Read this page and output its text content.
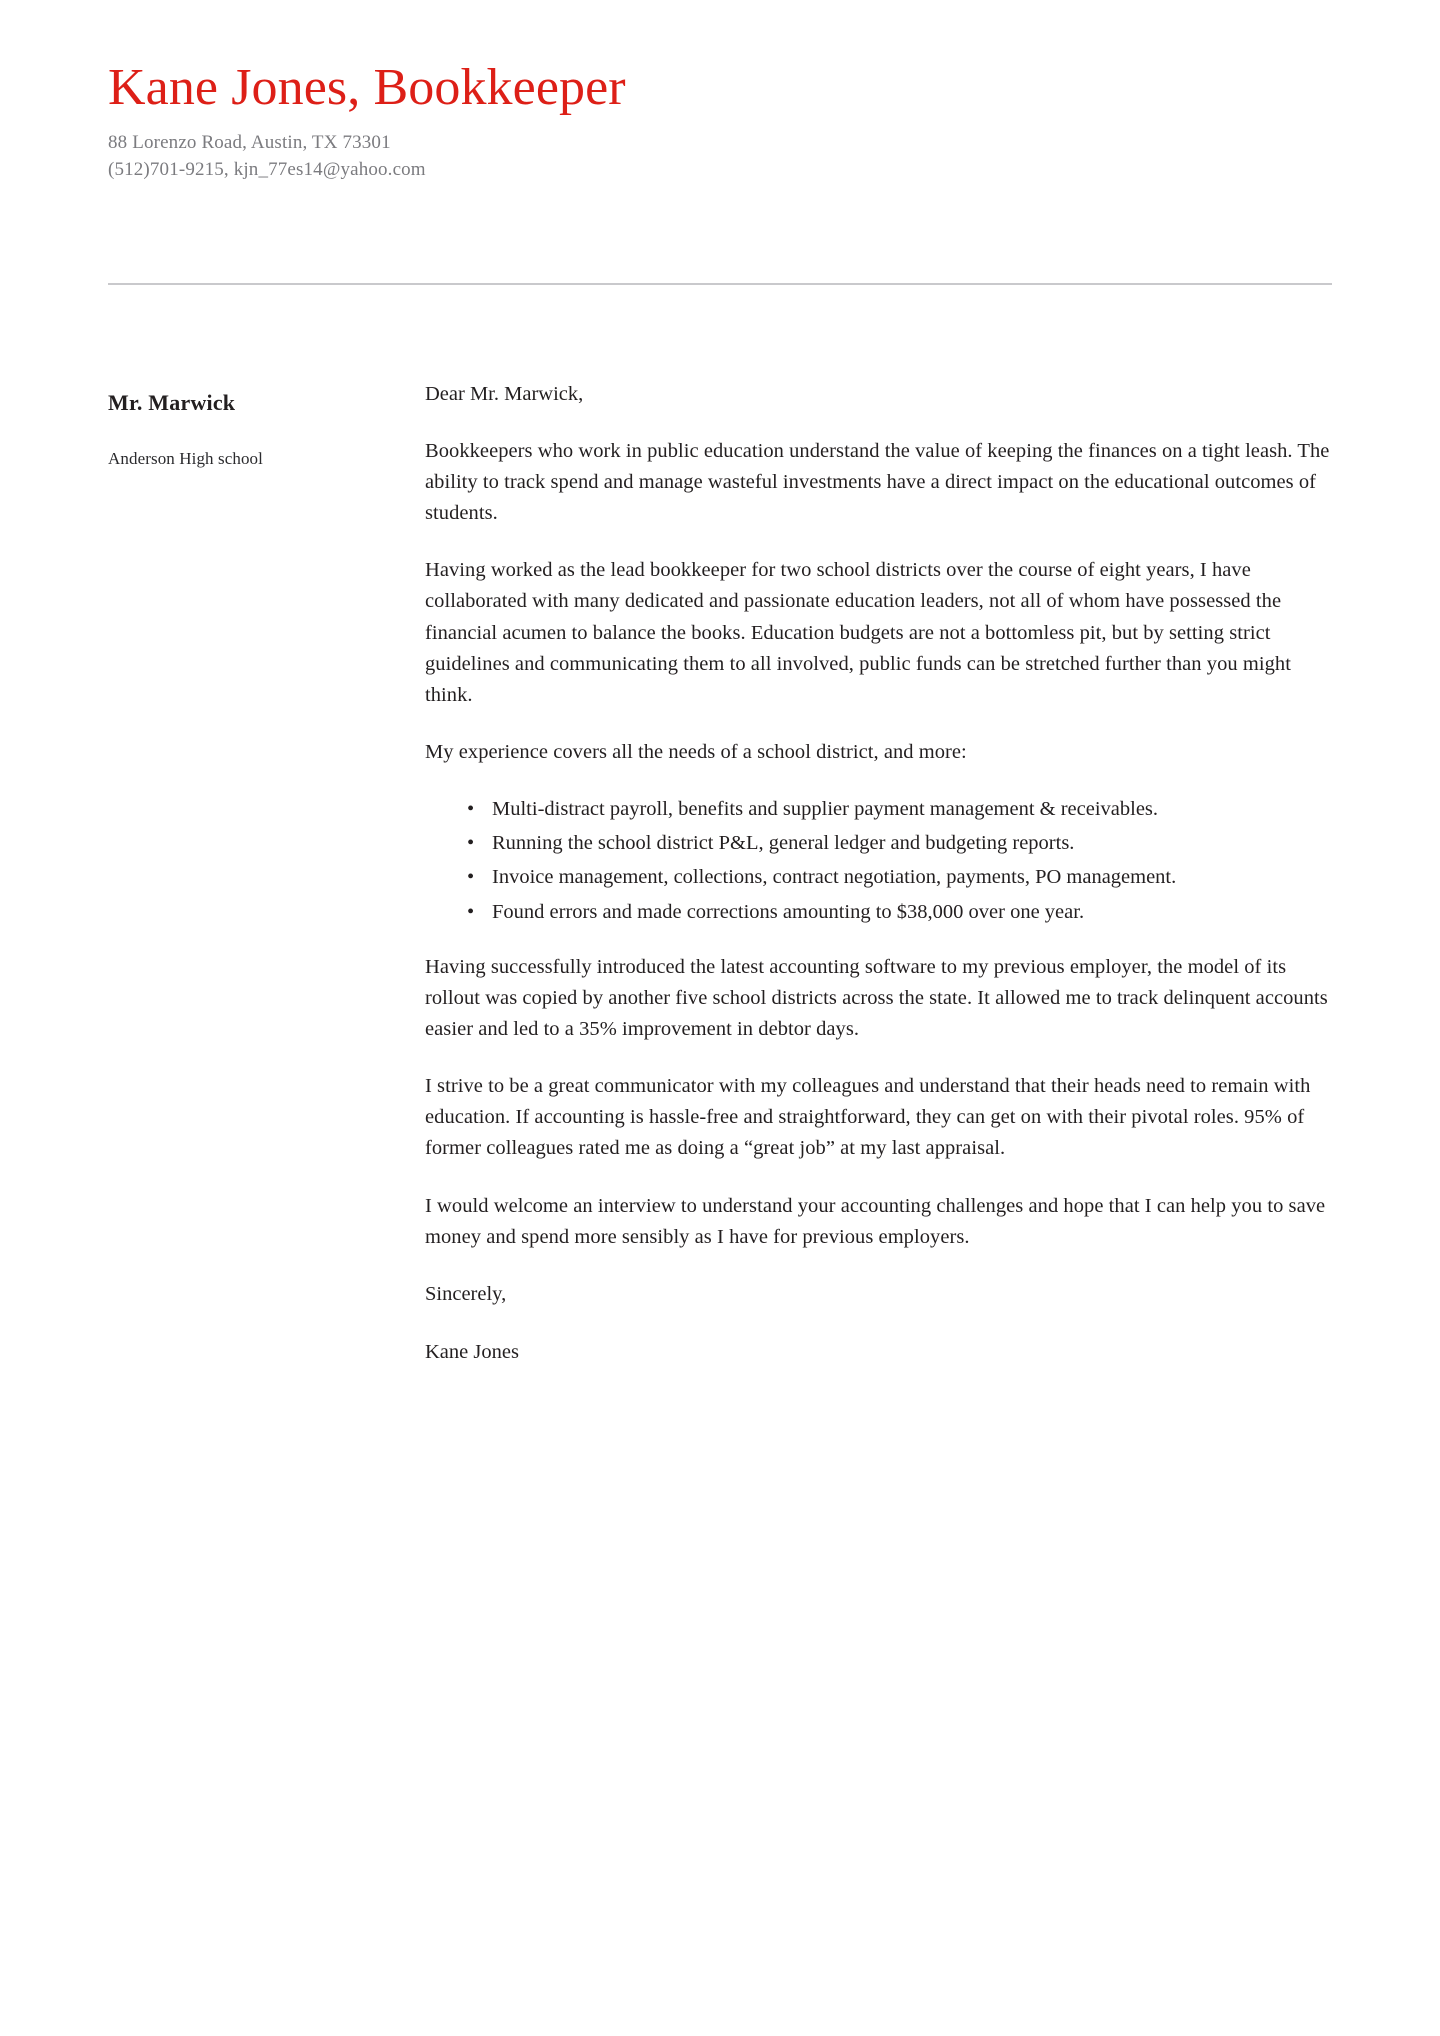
Kane Jones, Bookkeeper
88 Lorenzo Road, Austin, TX 73301
(512)701-9215, kjn_77es14@yahoo.com
Mr. Marwick
Anderson High school

Dear Mr. Marwick,

Bookkeepers who work in public education understand the value of keeping the finances on a tight leash. The ability to track spend and manage wasteful investments have a direct impact on the educational outcomes of students.

Having worked as the lead bookkeeper for two school districts over the course of eight years, I have collaborated with many dedicated and passionate education leaders, not all of whom have possessed the financial acumen to balance the books. Education budgets are not a bottomless pit, but by setting strict guidelines and communicating them to all involved, public funds can be stretched further than you might think.

My experience covers all the needs of a school district, and more:

• Multi-distract payroll, benefits and supplier payment management & receivables.
• Running the school district P&L, general ledger and budgeting reports.
• Invoice management, collections, contract negotiation, payments, PO management.
• Found errors and made corrections amounting to $38,000 over one year.

Having successfully introduced the latest accounting software to my previous employer, the model of its rollout was copied by another five school districts across the state. It allowed me to track delinquent accounts easier and led to a 35% improvement in debtor days.

I strive to be a great communicator with my colleagues and understand that their heads need to remain with education. If accounting is hassle-free and straightforward, they can get on with their pivotal roles. 95% of former colleagues rated me as doing a “great job” at my last appraisal.

I would welcome an interview to understand your accounting challenges and hope that I can help you to save money and spend more sensibly as I have for previous employers.

Sincerely,

Kane Jones
